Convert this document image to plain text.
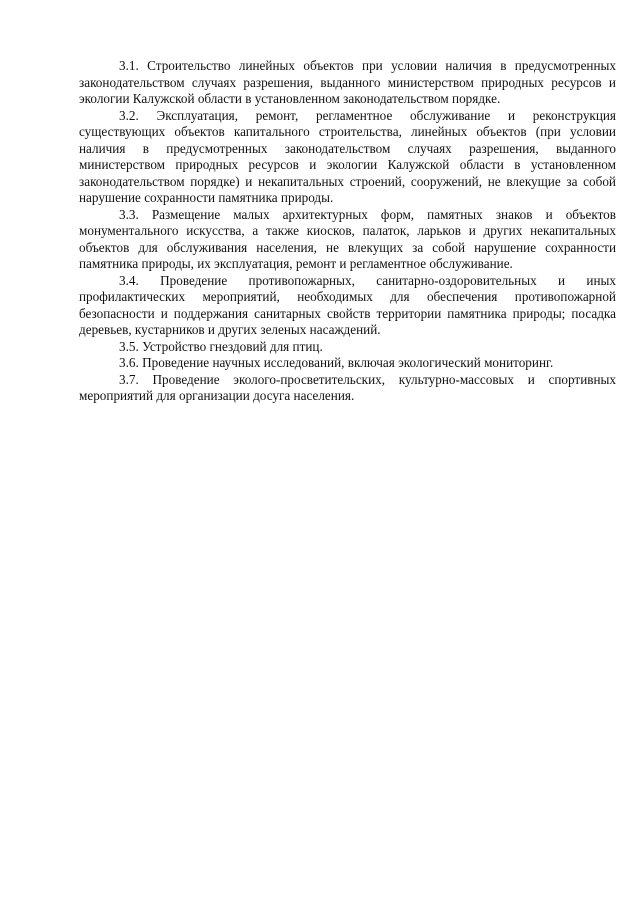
3.1. Строительство линейных объектов при условии наличия в предусмотренных законодательством случаях разрешения, выданного министерством природных ресурсов и экологии Калужской области в установленном законодательством порядке.

3.2. Эксплуатация, ремонт, регламентное обслуживание и реконструкция существующих объектов капитального строительства, линейных объектов (при условии наличия в предусмотренных законодательством случаях разрешения, выданного министерством природных ресурсов и экологии Калужской области в установленном законодательством порядке) и некапитальных строений, сооружений, не влекущие за собой нарушение сохранности памятника природы.

3.3. Размещение малых архитектурных форм, памятных знаков и объектов монументального искусства, а также киосков, палаток, ларьков и других некапитальных объектов для обслуживания населения, не влекущих за собой нарушение сохранности памятника природы, их эксплуатация, ремонт и регламентное обслуживание.

3.4. Проведение противопожарных, санитарно-оздоровительных и иных профилактических мероприятий, необходимых для обеспечения противопожарной безопасности и поддержания санитарных свойств территории памятника природы; посадка деревьев, кустарников и других зеленых насаждений.

3.5. Устройство гнездовий для птиц.

3.6. Проведение научных исследований, включая экологический мониторинг.

3.7. Проведение эколого-просветительских, культурно-массовых и спортивных мероприятий для организации досуга населения.
